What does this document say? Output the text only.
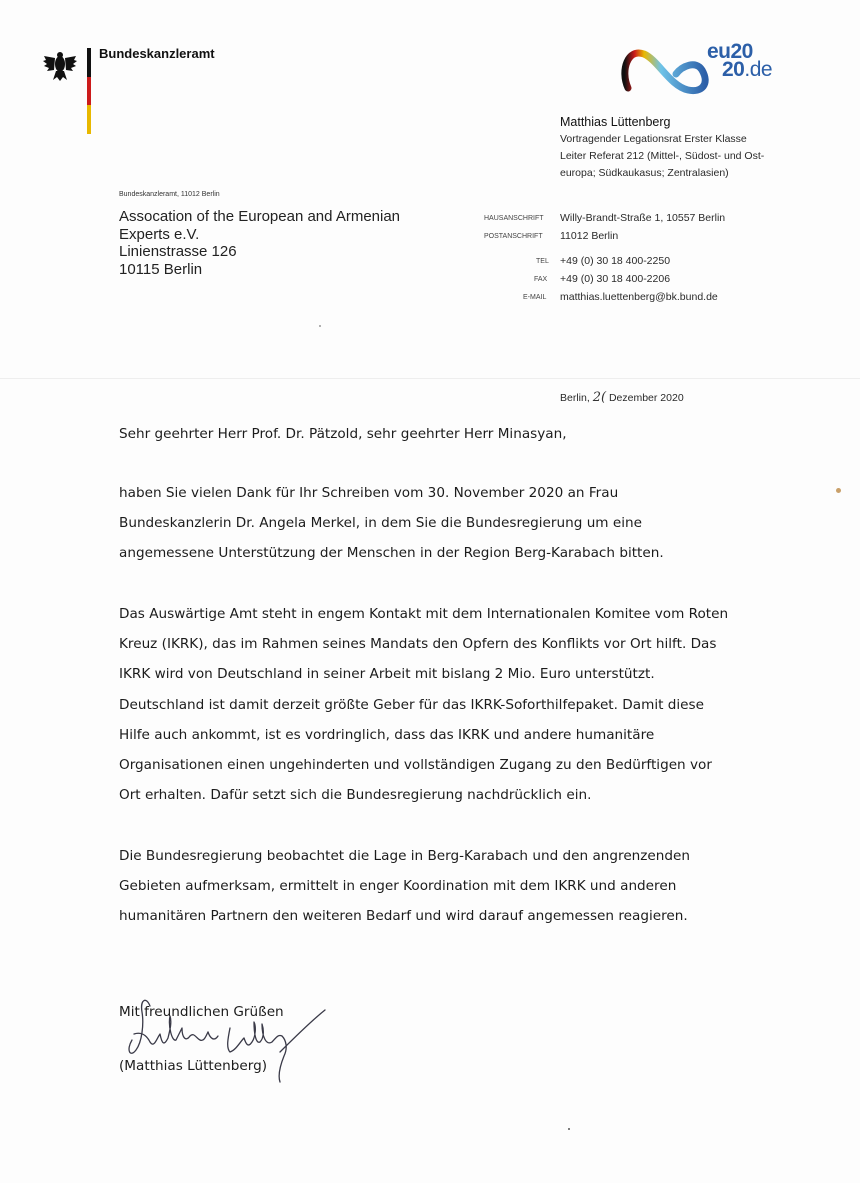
Bundeskanzleramt	eu20
20.de
Matthias Lüttenberg
Vortragender Legationsrat Erster Klasse
Leiter Referat 212 (Mittel-, Südost- und Ost-
europa; Südkaukasus; Zentralasien)
Bundeskanzleramt, 11012 Berlin
Assocation of the European and Armenian
Experts e.V.
Linienstrasse 126
10115 Berlin
HAUSANSCHRIFT Willy-Brandt-Straße 1, 10557 Berlin
POSTANSCHRIFT 11012 Berlin
TEL +49 (0) 30 18 400-2250
FAX +49 (0) 30 18 400-2206
E-MAIL matthias.luettenberg@bk.bund.de
Berlin, 2( Dezember 2020
Sehr geehrter Herr Prof. Dr. Pätzold, sehr geehrter Herr Minasyan,
haben Sie vielen Dank für Ihr Schreiben vom 30. November 2020 an Frau
Bundeskanzlerin Dr. Angela Merkel, in dem Sie die Bundesregierung um eine
angemessene Unterstützung der Menschen in der Region Berg-Karabach bitten.
Das Auswärtige Amt steht in engem Kontakt mit dem Internationalen Komitee vom Roten
Kreuz (IKRK), das im Rahmen seines Mandats den Opfern des Konflikts vor Ort hilft. Das
IKRK wird von Deutschland in seiner Arbeit mit bislang 2 Mio. Euro unterstützt.
Deutschland ist damit derzeit größte Geber für das IKRK-Soforthilfepaket. Damit diese
Hilfe auch ankommt, ist es vordringlich, dass das IKRK und andere humanitäre
Organisationen einen ungehinderten und vollständigen Zugang zu den Bedürftigen vor
Ort erhalten. Dafür setzt sich die Bundesregierung nachdrücklich ein.
Die Bundesregierung beobachtet die Lage in Berg-Karabach und den angrenzenden
Gebieten aufmerksam, ermittelt in enger Koordination mit dem IKRK und anderen
humanitären Partnern den weiteren Bedarf und wird darauf angemessen reagieren.
Mit freundlichen Grüßen
(Matthias Lüttenberg)
